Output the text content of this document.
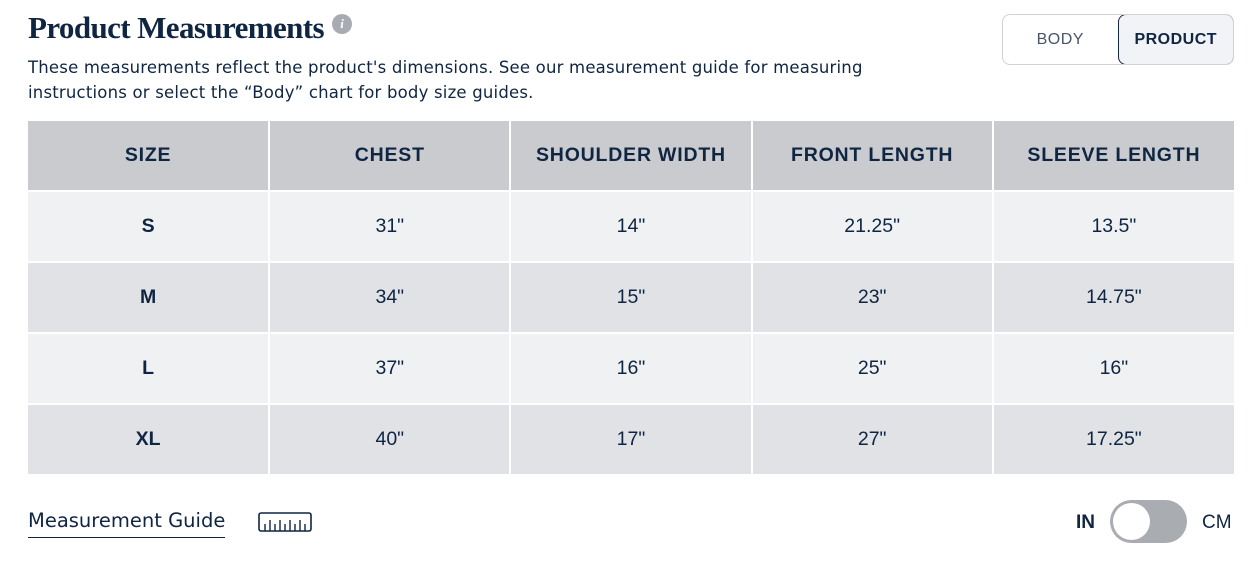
Product Measurements	i

These measurements reflect the product's dimensions. See our measurement guide for measuring instructions or select the “Body” chart for body size guides.

BODY	PRODUCT
SIZE	CHEST	SHOULDER WIDTH	FRONT LENGTH	SLEEVE LENGTH
S	31"	14"	21.25"	13.5"
M	34"	15"	23"	14.75"
L	37"	16"	25"	16"
XL	40"	17"	27"	17.25"
Measurement Guide	IN	CM
